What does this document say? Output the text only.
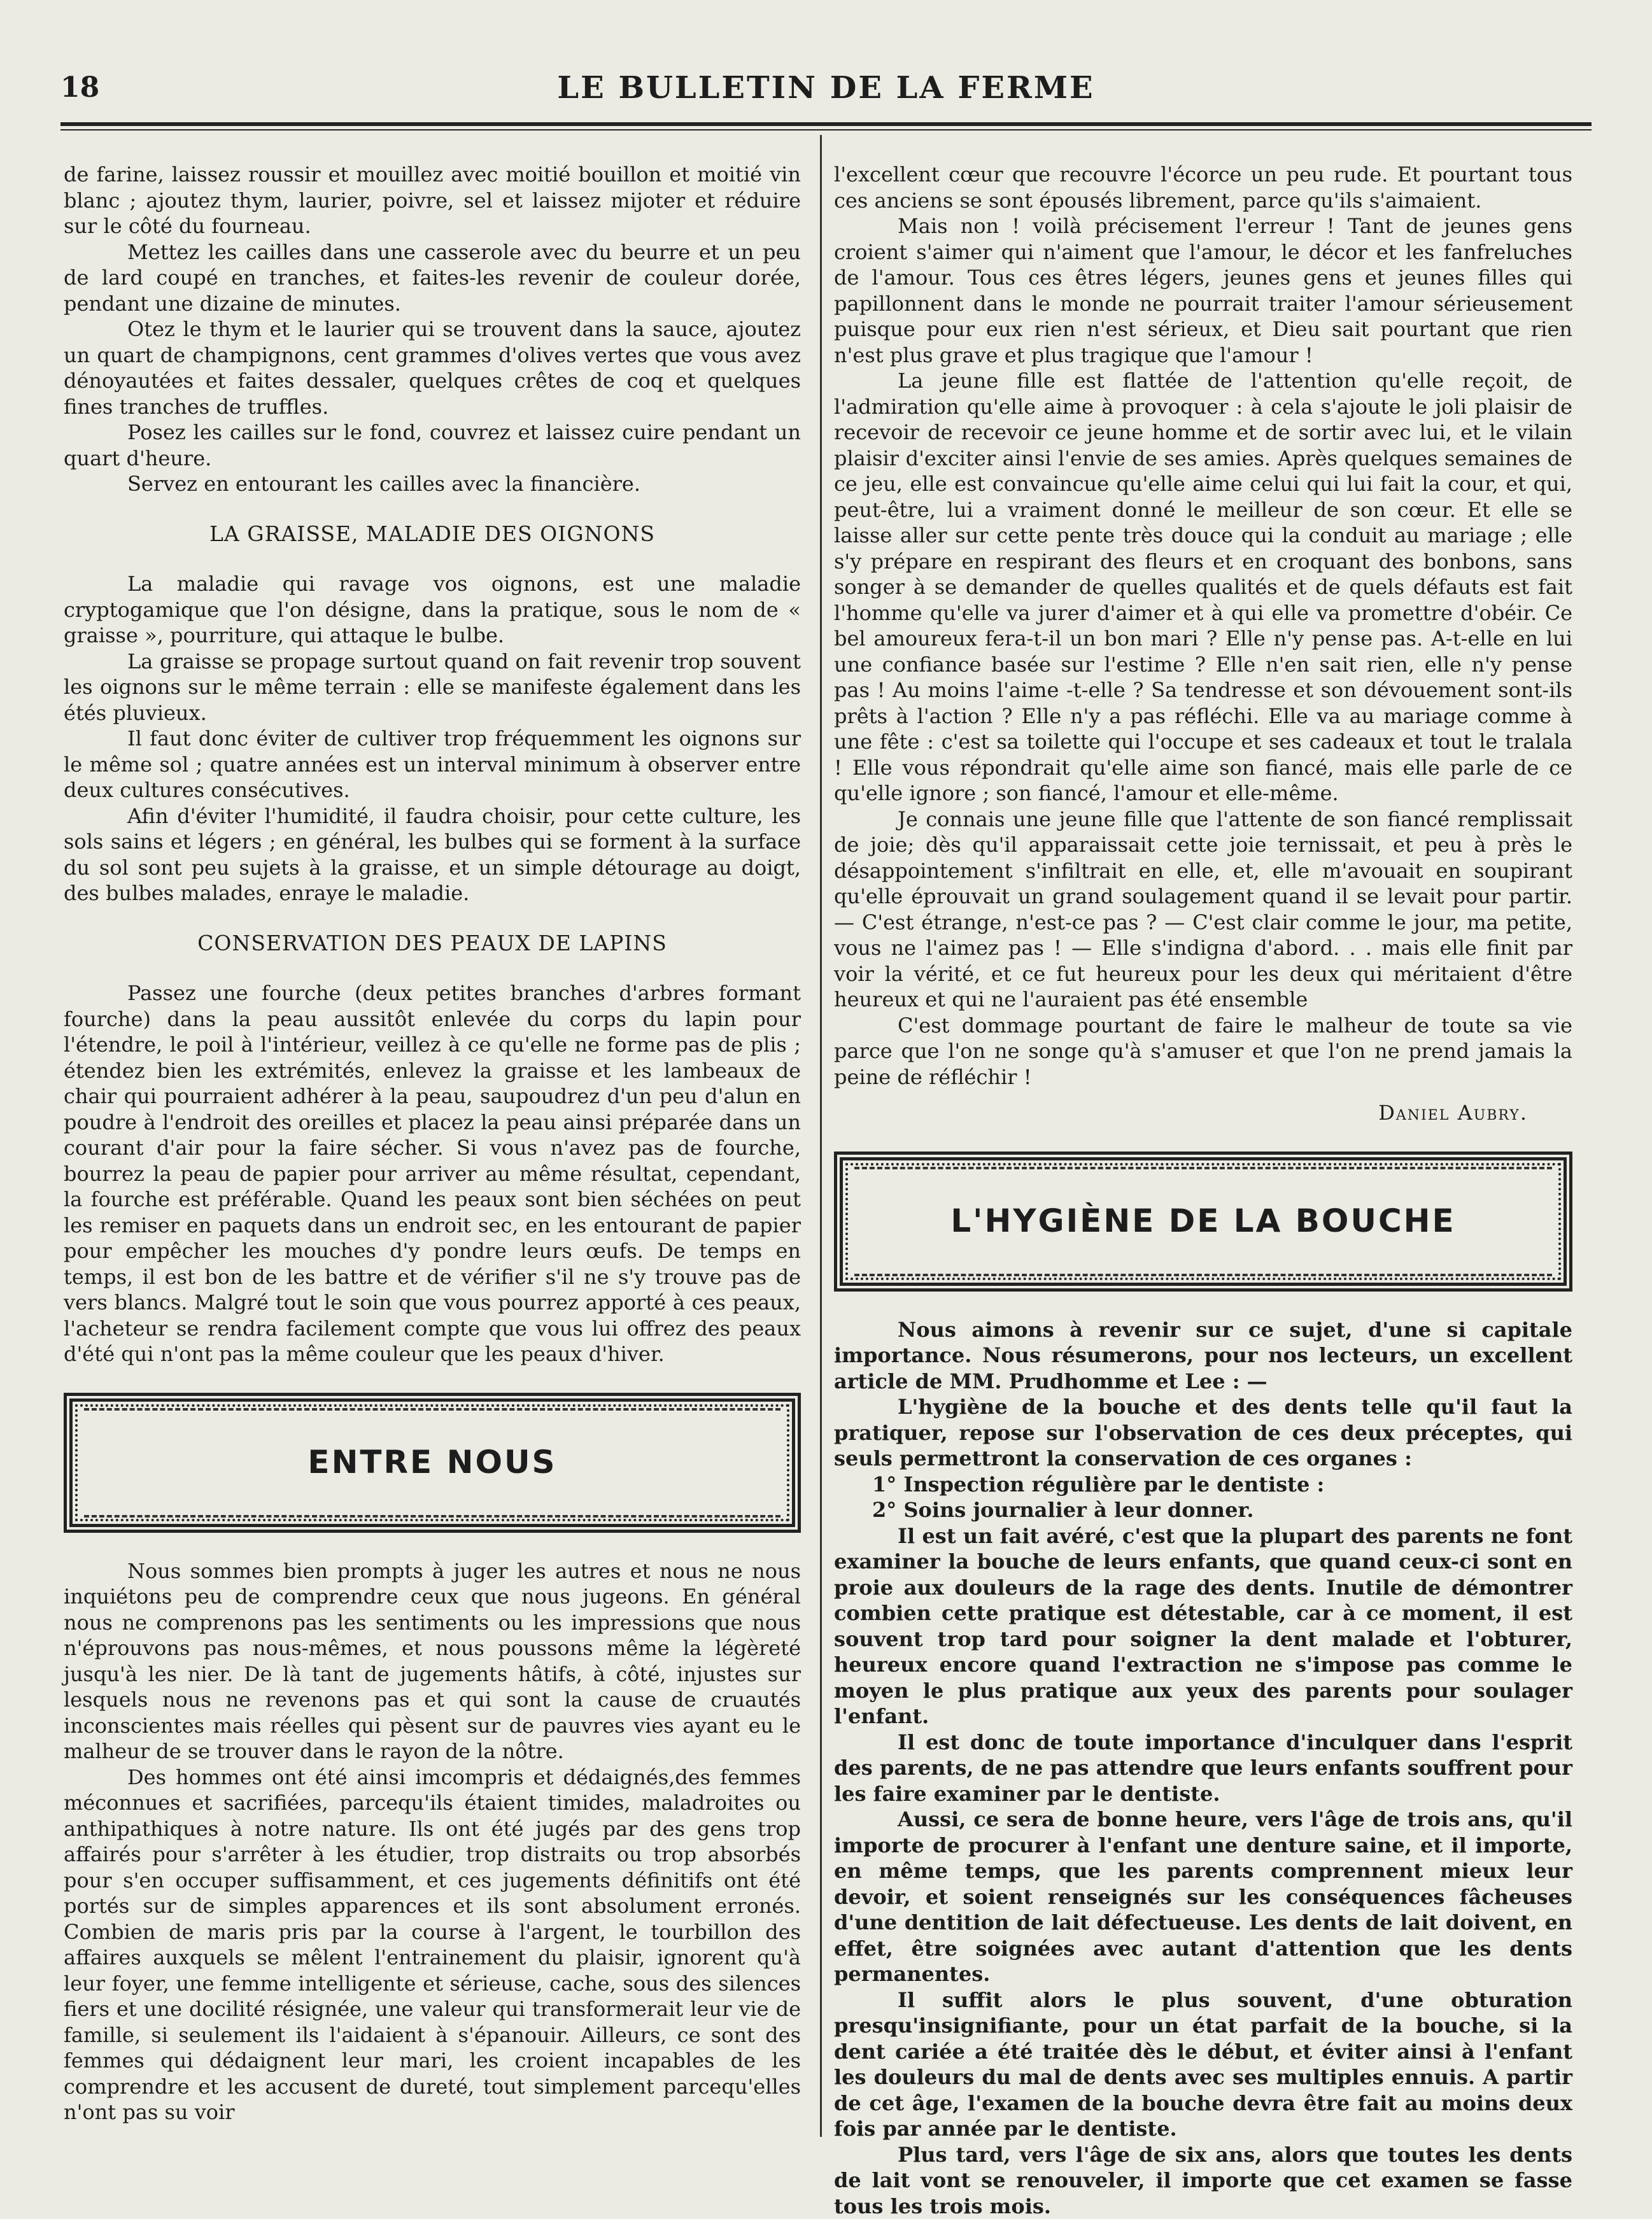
18	LE BULLETIN DE LA FERME

de farine, laissez roussir et mouillez avec moitié bouillon et moitié vin blanc ; ajoutez thym, laurier, poivre, sel et laissez mijoter et réduire sur le côté du fourneau.

Mettez les cailles dans une casserole avec du beurre et un peu de lard coupé en tranches, et faites-les revenir de couleur dorée, pendant une dizaine de minutes.

Otez le thym et le laurier qui se trouvent dans la sauce, ajoutez un quart de champignons, cent grammes d'olives vertes que vous avez dénoyautées et faites dessaler, quelques crêtes de coq et quelques fines tranches de truffles.

Posez les cailles sur le fond, couvrez et laissez cuire pendant un quart d'heure.

Servez en entourant les cailles avec la financière.

LA GRAISSE, MALADIE DES OIGNONS

La maladie qui ravage vos oignons, est une maladie cryptogamique que l'on désigne, dans la pratique, sous le nom de « graisse », pourriture, qui attaque le bulbe.

La graisse se propage surtout quand on fait revenir trop souvent les oignons sur le même terrain : elle se manifeste également dans les étés pluvieux.

Il faut donc éviter de cultiver trop fréquemment les oignons sur le même sol ; quatre années est un interval minimum à observer entre deux cultures consécutives.

Afin d'éviter l'humidité, il faudra choisir, pour cette culture, les sols sains et légers ; en général, les bulbes qui se forment à la surface du sol sont peu sujets à la graisse, et un simple détourage au doigt, des bulbes malades, enraye le maladie.

CONSERVATION DES PEAUX DE LAPINS

Passez une fourche (deux petites branches d'arbres formant fourche) dans la peau aussitôt enlevée du corps du lapin pour l'étendre, le poil à l'intérieur, veillez à ce qu'elle ne forme pas de plis ; étendez bien les extrémités, enlevez la graisse et les lambeaux de chair qui pourraient adhérer à la peau, saupoudrez d'un peu d'alun en poudre à l'endroit des oreilles et placez la peau ainsi préparée dans un courant d'air pour la faire sécher. Si vous n'avez pas de fourche, bourrez la peau de papier pour arriver au même résultat, cependant, la fourche est préférable. Quand les peaux sont bien séchées on peut les remiser en paquets dans un endroit sec, en les entourant de papier pour empêcher les mouches d'y pondre leurs œufs. De temps en temps, il est bon de les battre et de vérifier s'il ne s'y trouve pas de vers blancs. Malgré tout le soin que vous pourrez apporté à ces peaux, l'acheteur se rendra facilement compte que vous lui offrez des peaux d'été qui n'ont pas la même couleur que les peaux d'hiver.

ENTRE NOUS

Nous sommes bien prompts à juger les autres et nous ne nous inquiétons peu de comprendre ceux que nous jugeons. En général nous ne comprenons pas les sentiments ou les impressions que nous n'éprouvons pas nous-mêmes, et nous poussons même la légèreté jusqu'à les nier. De là tant de jugements hâtifs, à côté, injustes sur lesquels nous ne revenons pas et qui sont la cause de cruautés inconscientes mais réelles qui pèsent sur de pauvres vies ayant eu le malheur de se trouver dans le rayon de la nôtre.

Des hommes ont été ainsi imcompris et dédaignés,des femmes méconnues et sacrifiées, parcequ'ils étaient timides, maladroites ou anthipathiques à notre nature. Ils ont été jugés par des gens trop affairés pour s'arrêter à les étudier, trop distraits ou trop absorbés pour s'en occuper suffisamment, et ces jugements définitifs ont été portés sur de simples apparences et ils sont absolument erronés. Combien de maris pris par la course à l'argent, le tourbillon des affaires auxquels se mêlent l'entrainement du plaisir, ignorent qu'à leur foyer, une femme intelligente et sérieuse, cache, sous des silences fiers et une docilité résignée, une valeur qui transformerait leur vie de famille, si seulement ils l'aidaient à s'épanouir. Ailleurs, ce sont des femmes qui dédaignent leur mari, les croient incapables de les comprendre et les accusent de dureté, tout simplement parcequ'elles n'ont pas su voir

l'excellent cœur que recouvre l'écorce un peu rude. Et pourtant tous ces anciens se sont épousés librement, parce qu'ils s'aimaient.

Mais non ! voilà précisement l'erreur ! Tant de jeunes gens croient s'aimer qui n'aiment que l'amour, le décor et les fanfreluches de l'amour. Tous ces êtres légers, jeunes gens et jeunes filles qui papillonnent dans le monde ne pourrait traiter l'amour sérieusement puisque pour eux rien n'est sérieux, et Dieu sait pourtant que rien n'est plus grave et plus tragique que l'amour !

La jeune fille est flattée de l'attention qu'elle reçoit, de l'admiration qu'elle aime à provoquer : à cela s'ajoute le joli plaisir de recevoir de recevoir ce jeune homme et de sortir avec lui, et le vilain plaisir d'exciter ainsi l'envie de ses amies. Après quelques semaines de ce jeu, elle est convaincue qu'elle aime celui qui lui fait la cour, et qui, peut-être, lui a vraiment donné le meilleur de son cœur. Et elle se laisse aller sur cette pente très douce qui la conduit au mariage ; elle s'y prépare en respirant des fleurs et en croquant des bonbons, sans songer à se demander de quelles qualités et de quels défauts est fait l'homme qu'elle va jurer d'aimer et à qui elle va promettre d'obéir. Ce bel amoureux fera-t-il un bon mari ? Elle n'y pense pas. A-t-elle en lui une confiance basée sur l'estime ? Elle n'en sait rien, elle n'y pense pas ! Au moins l'aime -t-elle ? Sa tendresse et son dévouement sont-ils prêts à l'action ? Elle n'y a pas réfléchi. Elle va au mariage comme à une fête : c'est sa toilette qui l'occupe et ses cadeaux et tout le tralala ! Elle vous répondrait qu'elle aime son fiancé, mais elle parle de ce qu'elle ignore ; son fiancé, l'amour et elle-même.

Je connais une jeune fille que l'attente de son fiancé remplissait de joie; dès qu'il apparaissait cette joie ternissait, et peu à près le désappointement s'infiltrait en elle, et, elle m'avouait en soupirant qu'elle éprouvait un grand soulagement quand il se levait pour partir. — C'est étrange, n'est-ce pas ? — C'est clair comme le jour, ma petite, vous ne l'aimez pas ! — Elle s'indigna d'abord. . . mais elle finit par voir la vérité, et ce fut heureux pour les deux qui méritaient d'être heureux et qui ne l'auraient pas été ensemble

C'est dommage pourtant de faire le malheur de toute sa vie parce que l'on ne songe qu'à s'amuser et que l'on ne prend jamais la peine de réfléchir !

Daniel Aubry.

L'HYGIÈNE DE LA BOUCHE

Nous aimons à revenir sur ce sujet, d'une si capitale importance. Nous résumerons, pour nos lecteurs, un excellent article de MM. Prudhomme et Lee : —

L'hygiène de la bouche et des dents telle qu'il faut la pratiquer, repose sur l'observation de ces deux préceptes, qui seuls permettront la conservation de ces organes :

1° Inspection régulière par le dentiste :

2° Soins journalier à leur donner.

Il est un fait avéré, c'est que la plupart des parents ne font examiner la bouche de leurs enfants, que quand ceux-ci sont en proie aux douleurs de la rage des dents. Inutile de démontrer combien cette pratique est détestable, car à ce moment, il est souvent trop tard pour soigner la dent malade et l'obturer, heureux encore quand l'extraction ne s'impose pas comme le moyen le plus pratique aux yeux des parents pour soulager l'enfant.

Il est donc de toute importance d'inculquer dans l'esprit des parents, de ne pas attendre que leurs enfants souffrent pour les faire examiner par le dentiste.

Aussi, ce sera de bonne heure, vers l'âge de trois ans, qu'il importe de procurer à l'enfant une denture saine, et il importe, en même temps, que les parents comprennent mieux leur devoir, et soient renseignés sur les conséquences fâcheuses d'une dentition de lait défectueuse. Les dents de lait doivent, en effet, être soignées avec autant d'attention que les dents permanentes.

Il suffit alors le plus souvent, d'une obturation presqu'insignifiante, pour un état parfait de la bouche, si la dent cariée a été traitée dès le début, et éviter ainsi à l'enfant les douleurs du mal de dents avec ses multiples ennuis. A partir de cet âge, l'examen de la bouche devra être fait au moins deux fois par année par le dentiste.

Plus tard, vers l'âge de six ans, alors que toutes les dents de lait vont se renouveler, il importe que cet examen se fasse tous les trois mois.
